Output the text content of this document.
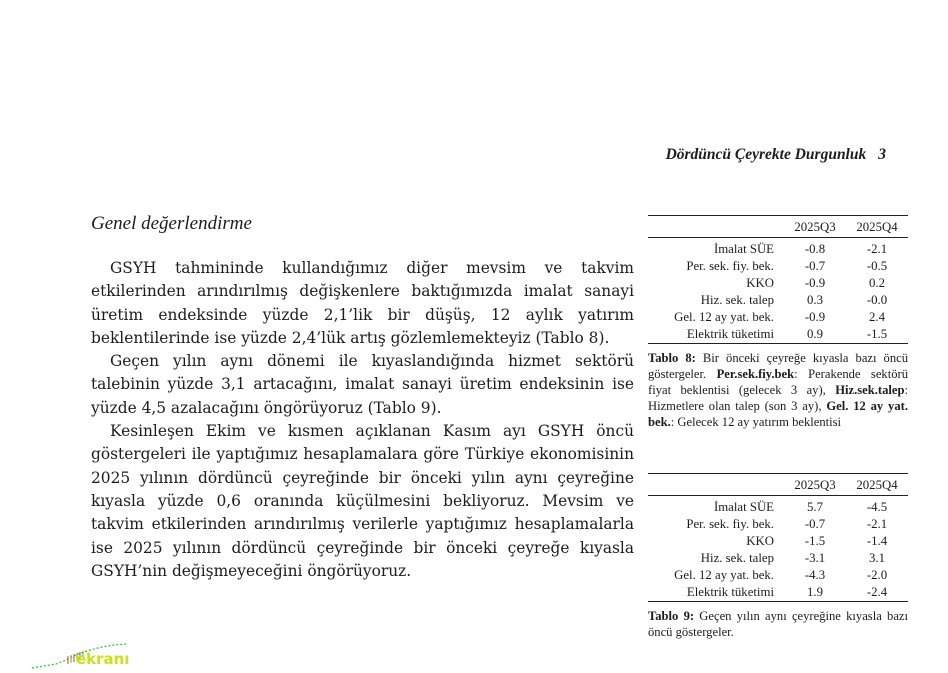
Dördüncü Çeyrekte Durgunluk 3
Genel değerlendirme

GSYH tahmininde kullandığımız diğer mevsim ve takvim etkilerinden arındırılmış değişkenlere baktığımızda imalat sanayi üretim endeksinde yüzde 2,1’lik bir düşüş, 12 aylık yatırım beklentilerinde ise yüzde 2,4’lük artış gözlemlemekteyiz (Tablo 8).

Geçen yılın aynı dönemi ile kıyaslandığında hizmet sektörü talebinin yüzde 3,1 artacağını, imalat sanayi üretim endeksinin ise yüzde 4,5 azalacağını öngörüyoruz (Tablo 9).

Kesinleşen Ekim ve kısmen açıklanan Kasım ayı GSYH öncü göstergeleri ile yaptığımız hesaplamalara göre Türkiye ekonomisinin 2025 yılının dördüncü çeyreğinde bir önceki yılın aynı çeyreğine kıyasla yüzde 0,6 oranında küçülmesini bekliyoruz. Mevsim ve takvim etkilerinden arındırılmış verilerle yaptığımız hesaplamalarla ise 2025 yılının dördüncü çeyreğinde bir önceki çeyreğe kıyasla GSYH’nin değişmeyeceğini öngörüyoruz.

	2025Q3	2025Q4
İmalat SÜE	-0.8	-2.1
Per. sek. fiy. bek.	-0.7	-0.5
KKO	-0.9	0.2
Hiz. sek. talep	0.3	-0.0
Gel. 12 ay yat. bek.	-0.9	2.4
Elektrik tüketimi	0.9	-1.5
Tablo 8: Bir önceki çeyreğe kıyasla bazı öncü göstergeler. Per.sek.fiy.bek: Perakende sektörü fiyat beklentisi (gelecek 3 ay), Hiz.sek.talep: Hizmetlere olan talep (son 3 ay), Gel. 12 ay yat. bek.: Gelecek 12 ay yatırım beklentisi
	2025Q3	2025Q4
İmalat SÜE	5.7	-4.5
Per. sek. fiy. bek.	-0.7	-2.1
KKO	-1.5	-1.4
Hiz. sek. talep	-3.1	3.1
Gel. 12 ay yat. bek.	-4.3	-2.0
Elektrik tüketimi	1.9	-2.4
Tablo 9: Geçen yılın aynı çeyreğine kıyasla bazı öncü göstergeler.
ekranı
